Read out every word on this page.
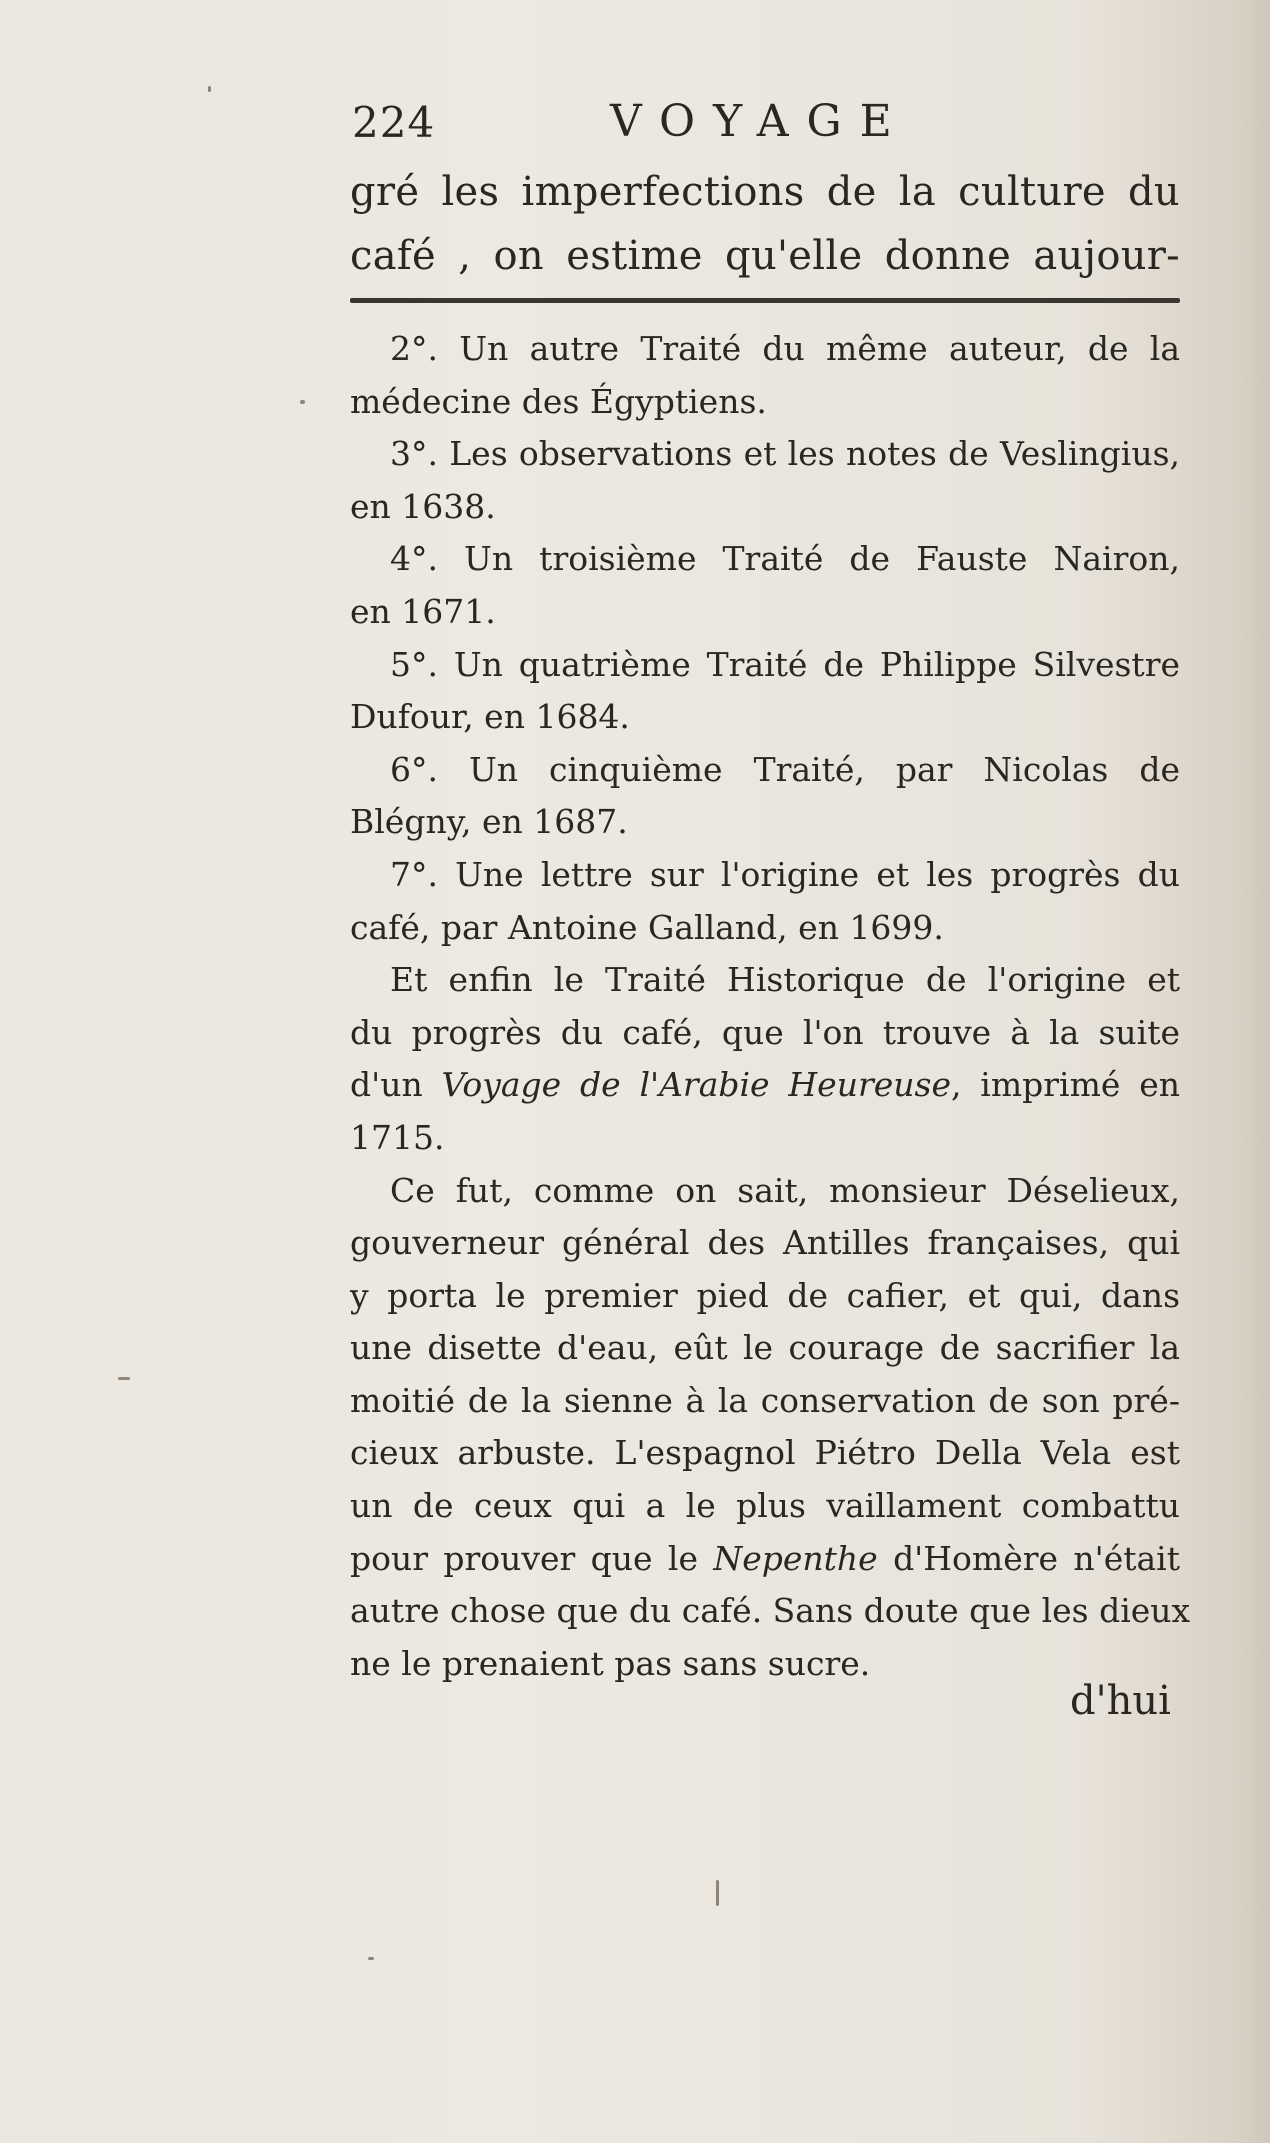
224	VOYAGE
gré les imperfections de la culture du
café , on estime qu'elle donne aujour-
2°. Un autre Traité du même auteur, de la
médecine des Égyptiens.
3°. Les observations et les notes de Veslingius,
en 1638.
4°. Un troisième Traité de Fauste Nairon,
en 1671.
5°. Un quatrième Traité de Philippe Silvestre
Dufour, en 1684.
6°. Un cinquième Traité, par Nicolas de
Blégny, en 1687.
7°. Une lettre sur l'origine et les progrès du
café, par Antoine Galland, en 1699.
Et enfin le Traité Historique de l'origine et
du progrès du café, que l'on trouve à la suite
d'un Voyage de l'Arabie Heureuse, imprimé en
1715.
Ce fut, comme on sait, monsieur Déselieux,
gouverneur général des Antilles françaises, qui
y porta le premier pied de cafier, et qui, dans
une disette d'eau, eût le courage de sacrifier la
moitié de la sienne à la conservation de son pré-
cieux arbuste. L'espagnol Piétro Della Vela est
un de ceux qui a le plus vaillament combattu
pour prouver que le Nepenthe d'Homère n'était
autre chose que du café. Sans doute que les dieux
ne le prenaient pas sans sucre.
d'hui
